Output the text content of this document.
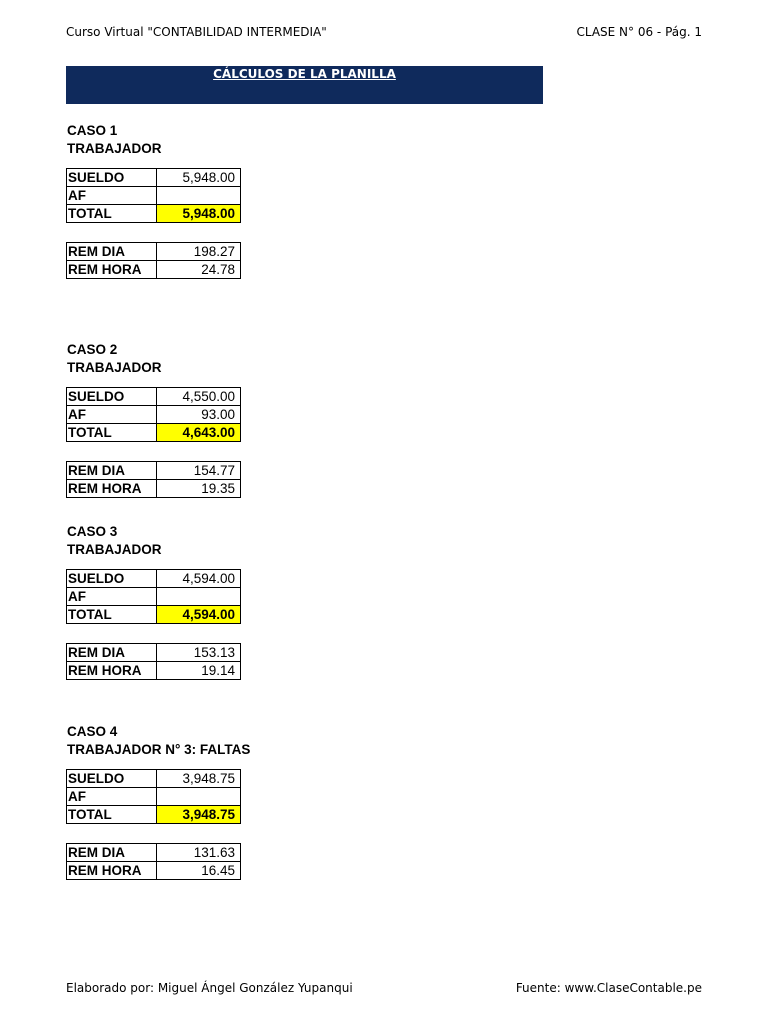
Curso Virtual "CONTABILIDAD INTERMEDIA"	CLASE N° 06 - Pág. 1
CÁLCULOS DE LA PLANILLA
CASO 1
TRABAJADOR
SUELDO	5,948.00
AF	
TOTAL	5,948.00
REM DIA	198.27
REM HORA	24.78
CASO 2
TRABAJADOR
SUELDO	4,550.00
AF	93.00
TOTAL	4,643.00
REM DIA	154.77
REM HORA	19.35
CASO 3
TRABAJADOR
SUELDO	4,594.00
AF	
TOTAL	4,594.00
REM DIA	153.13
REM HORA	19.14
CASO 4
TRABAJADOR N° 3: FALTAS
SUELDO	3,948.75
AF	
TOTAL	3,948.75
REM DIA	131.63
REM HORA	16.45
Elaborado por: Miguel Ángel González Yupanqui	Fuente: www.ClaseContable.pe
